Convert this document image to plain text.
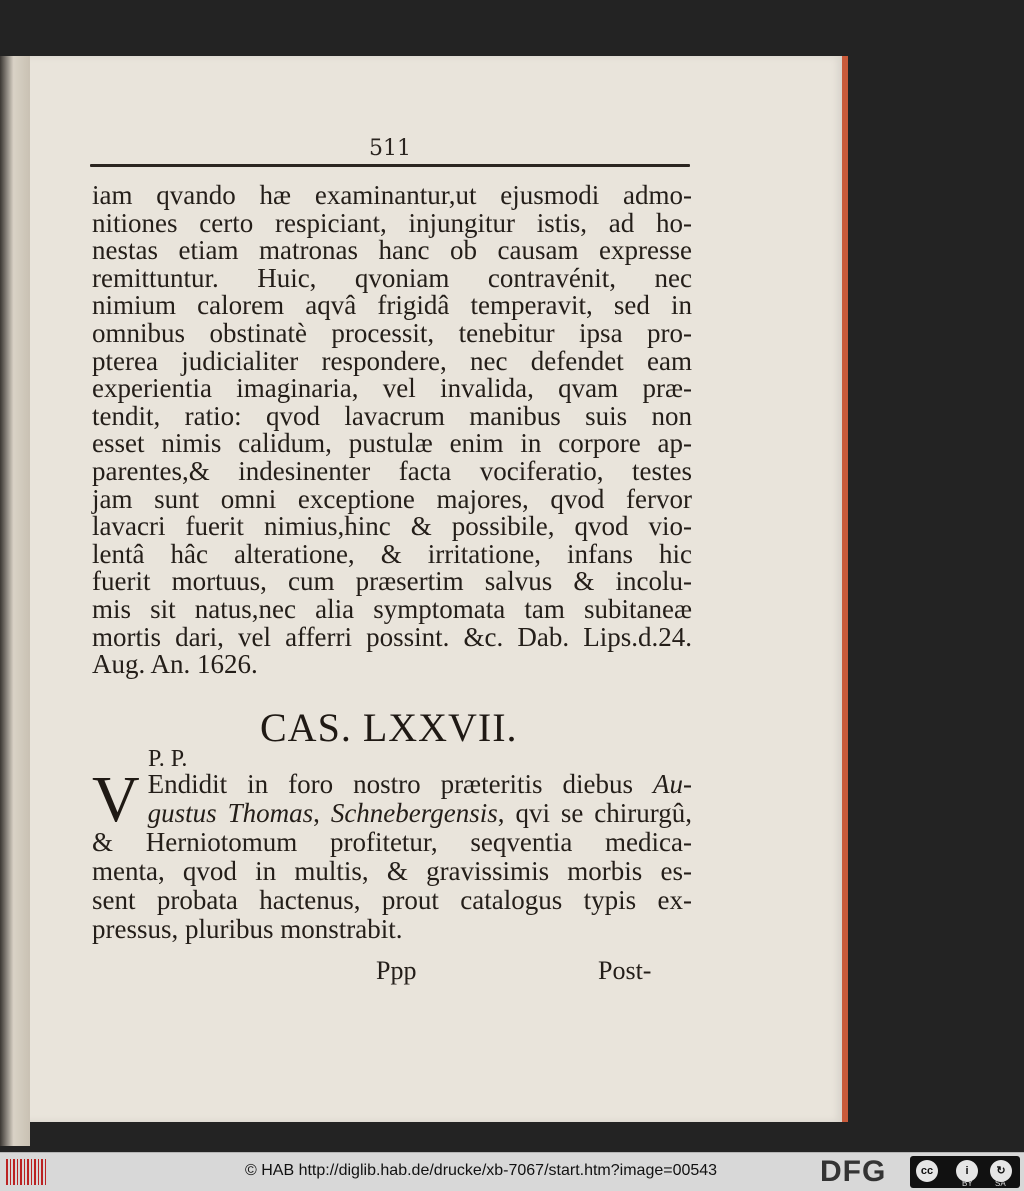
511
iam qvando hæ examinantur,ut ejusmodi admo-
nitiones certo respiciant, injungitur istis, ad ho-
nestas etiam matronas hanc ob causam expresse
remittuntur. Huic, qvoniam contravénit, nec
nimium calorem aqvâ frigidâ temperavit, sed in
omnibus obstinatè processit, tenebitur ipsa pro-
pterea judicialiter respondere, nec defendet eam
experientia imaginaria, vel invalida, qvam præ-
tendit, ratio: qvod lavacrum manibus suis non
esset nimis calidum, pustulæ enim in corpore ap-
parentes,& indesinenter facta vociferatio, testes
jam sunt omni exceptione majores, qvod fervor
lavacri fuerit nimius,hinc & possibile, qvod vio-
lentâ hâc alteratione, & irritatione, infans hic
fuerit mortuus, cum præsertim salvus & incolu-
mis sit natus,nec alia symptomata tam subitaneæ
mortis dari, vel afferri possint. &c. Dab. Lips.d.24.
Aug. An. 1626.
CAS. LXXVII.
P. P.
V Endidit in foro nostro præteritis diebus Au-
gustus Thomas, Schnebergensis, qvi se chirurgû,
& Herniotomum profitetur, seqventia medica-
menta, qvod in multis, & gravissimis morbis es-
sent probata hactenus, prout catalogus typis ex-
pressus, pluribus monstrabit.
Ppp	Post-
© HAB http://diglib.hab.de/drucke/xb-7067/start.htm?image=00543	DFG	cc	i	↻
BY	SA
